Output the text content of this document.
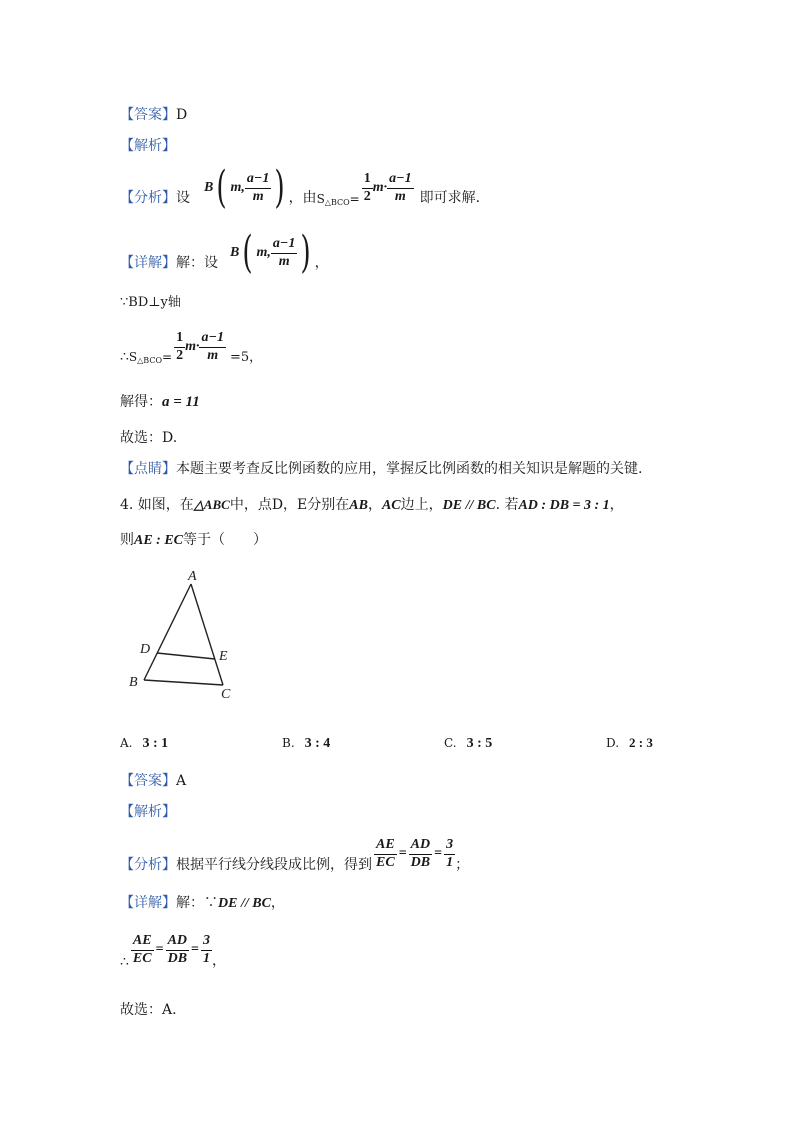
【答案】D
【解析】
【分析】设
B ( m, $\frac{a-1}{m}$ ) ，由 $S_{\triangle BCO}= \frac{1}{2} m\cdot \frac{a-1}{m}$ 即可求解.
【详解】解：设
B ( m, $\frac{a-1}{m}$ ) ，
∵BD⊥y轴
$\therefore S_{\triangle BCO}= \frac{1}{2} m\cdot \frac{a-1}{m} =5$，
解得：a = 11
故选：D.
【点睛】本题主要考查反比例函数的应用，掌握反比例函数的相关知识是解题的关键.
4. 如图，在△ABC中，点D，E分别在AB，AC边上，DE // BC. 若AD : DB = 3 : 1，
则AE : EC等于（　　）
A
D	E
B
C
A. 3 : 1	B. 3 : 4	C. 3 : 5	D. 2 : 3
【答案】A
【解析】
【分析】根据平行线分线段成比例，得到 $\frac{AE}{EC} = \frac{AD}{DB} = \frac{3}{1}$ ；
【详解】解：∵DE // BC，
∴ $\frac{AE}{EC} = \frac{AD}{DB} = \frac{3}{1}$ ，
故选：A.
